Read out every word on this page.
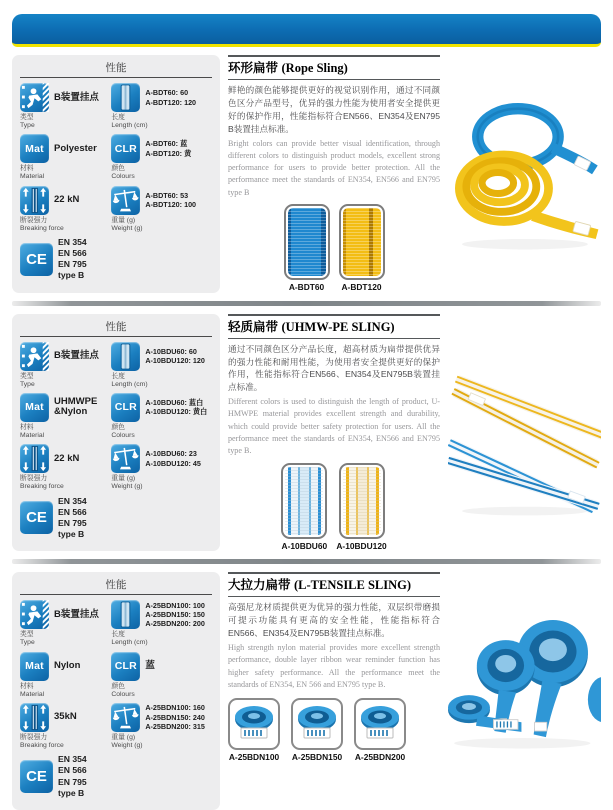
性能
B装置挂点
类型
Type
Mat	Polyester
材料
Material
22 kN
断裂强力
Breaking force
CE
EN 354
EN 566
EN 795 type B
A-BDT60: 60
A-BDT120: 120
长度
Length (cm)
CLR	A-BDT60: 蓝
A-BDT120: 黄
颜色
Colours
A-BDT60: 53
A-BDT120: 100
重量 (g)
Weight (g)
环形扁带 (Rope Sling)

鲜艳的颜色能够提供更好的视觉识别作用，通过不同颜色区分产品型号，优异的强力性能为使用者安全提供更好的保护作用，性能指标符合EN566、EN354及EN795 B装置挂点标准。

Bright colors can provide better visual identification, through different colors to distinguish product models, excellent strong performance for users to provide better protection. All the performance meet the standards of EN354, EN566 and EN795 type B

A-BDT60	A-BDT120
性能
B装置挂点
类型
Type
Mat	UHMWPE
&Nylon
材料
Material
22 kN
断裂强力
Breaking force
CE
EN 354
EN 566
EN 795 type B
A-10BDU60: 60
A-10BDU120: 120
长度
Length (cm)
CLR	A-10BDU60: 蓝白
A-10BDU120: 黄白
颜色
Colours
A-10BDU60: 23
A-10BDU120: 45
重量 (g)
Weight (g)
轻质扁带 (UHMW-PE SLING)

通过不同颜色区分产品长度，超高材质为扁带提供优异的强力性能和耐用性能，为使用者安全提供更好的保护作用，性能指标符合EN566、EN354及EN795B装置挂点标准。

Different colors is used to distinguish the length of product, U-HMWPE material provides excellent strength and durability, which could provide better safety protection for users. All the performance meet the standards of EN354, EN566 and EN795 type B.

A-10BDU60 A-10BDU120
性能
B装置挂点
类型
Type
Mat	Nylon
材料
Material
35kN
断裂强力
Breaking force
CE
EN 354
EN 566
EN 795 type B
A-25BDN100: 100
A-25BDN150: 150
A-25BDN200: 200
长度
Length (cm)
CLR 蓝
颜色
Colours
A-25BDN100: 160
A-25BDN150: 240
A-25BDN200: 315
重量 (g)
Weight (g)
大拉力扁带 (L-TENSILE SLING)

高强尼龙材质提供更为优异的强力性能，双层织带磨损可提示功能具有更高的安全性能，性能指标符合EN566、EN354及EN795B装置挂点标准。

High strength nylon material provides more excellent strength performance, double layer ribbon wear reminder function has higher safety performance. All the performance meet the standards of EN354, EN 566 and EN795 type B.

A-25BDN100 A-25BDN150 A-25BDN200
